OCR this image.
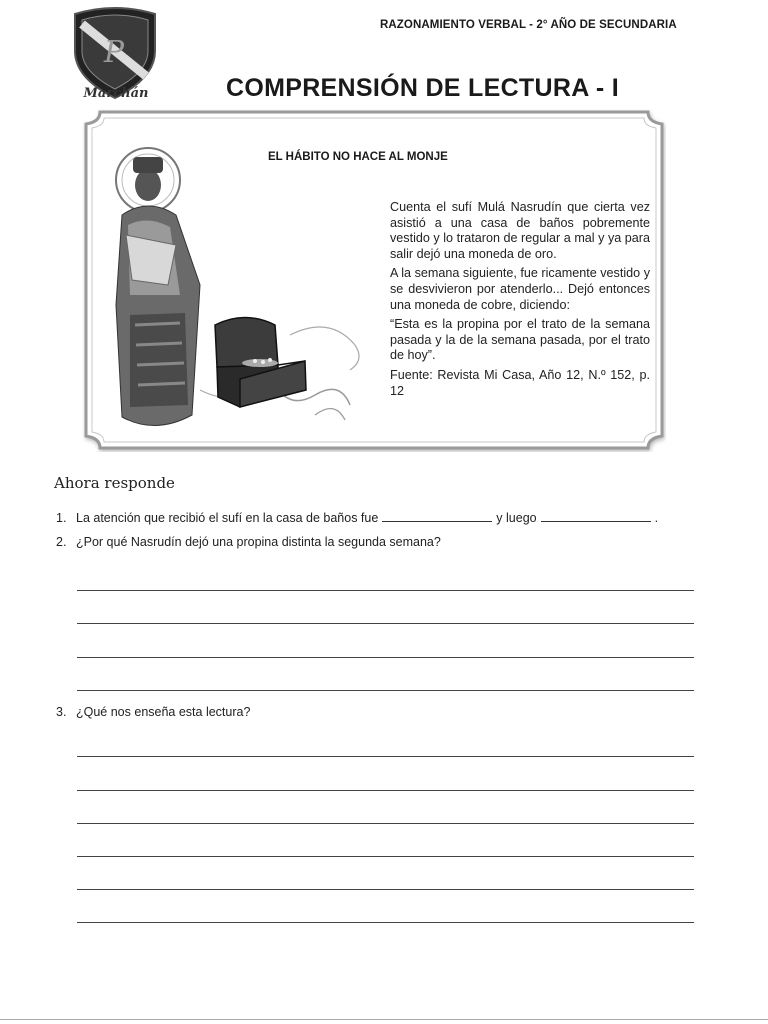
P
Marchán
RAZONAMIENTO VERBAL - 2° AÑO DE SECUNDARIA
COMPRENSIÓN DE LECTURA - I
EL HÁBITO NO HACE AL MONJE

Cuenta el sufí Mulá Nasrudín que cierta vez asistió a una casa de baños pobremente vestido y lo trataron de regular a mal y ya para salir dejó una moneda de oro.

A la semana siguiente, fue ricamente vestido y se desvivieron por atenderlo... Dejó entonces una moneda de cobre, diciendo:

“Esta es la propina por el trato de la semana pasada y la de la semana pasada, por el trato de hoy”.

Fuente: Revista Mi Casa, Año 12, N.º 152, p. 12

Ahora responde
1. La atención que recibió el sufí en la casa de baños fue	y luego	.
2. ¿Por qué Nasrudín dejó una propina distinta la segunda semana?
3. ¿Qué nos enseña esta lectura?
